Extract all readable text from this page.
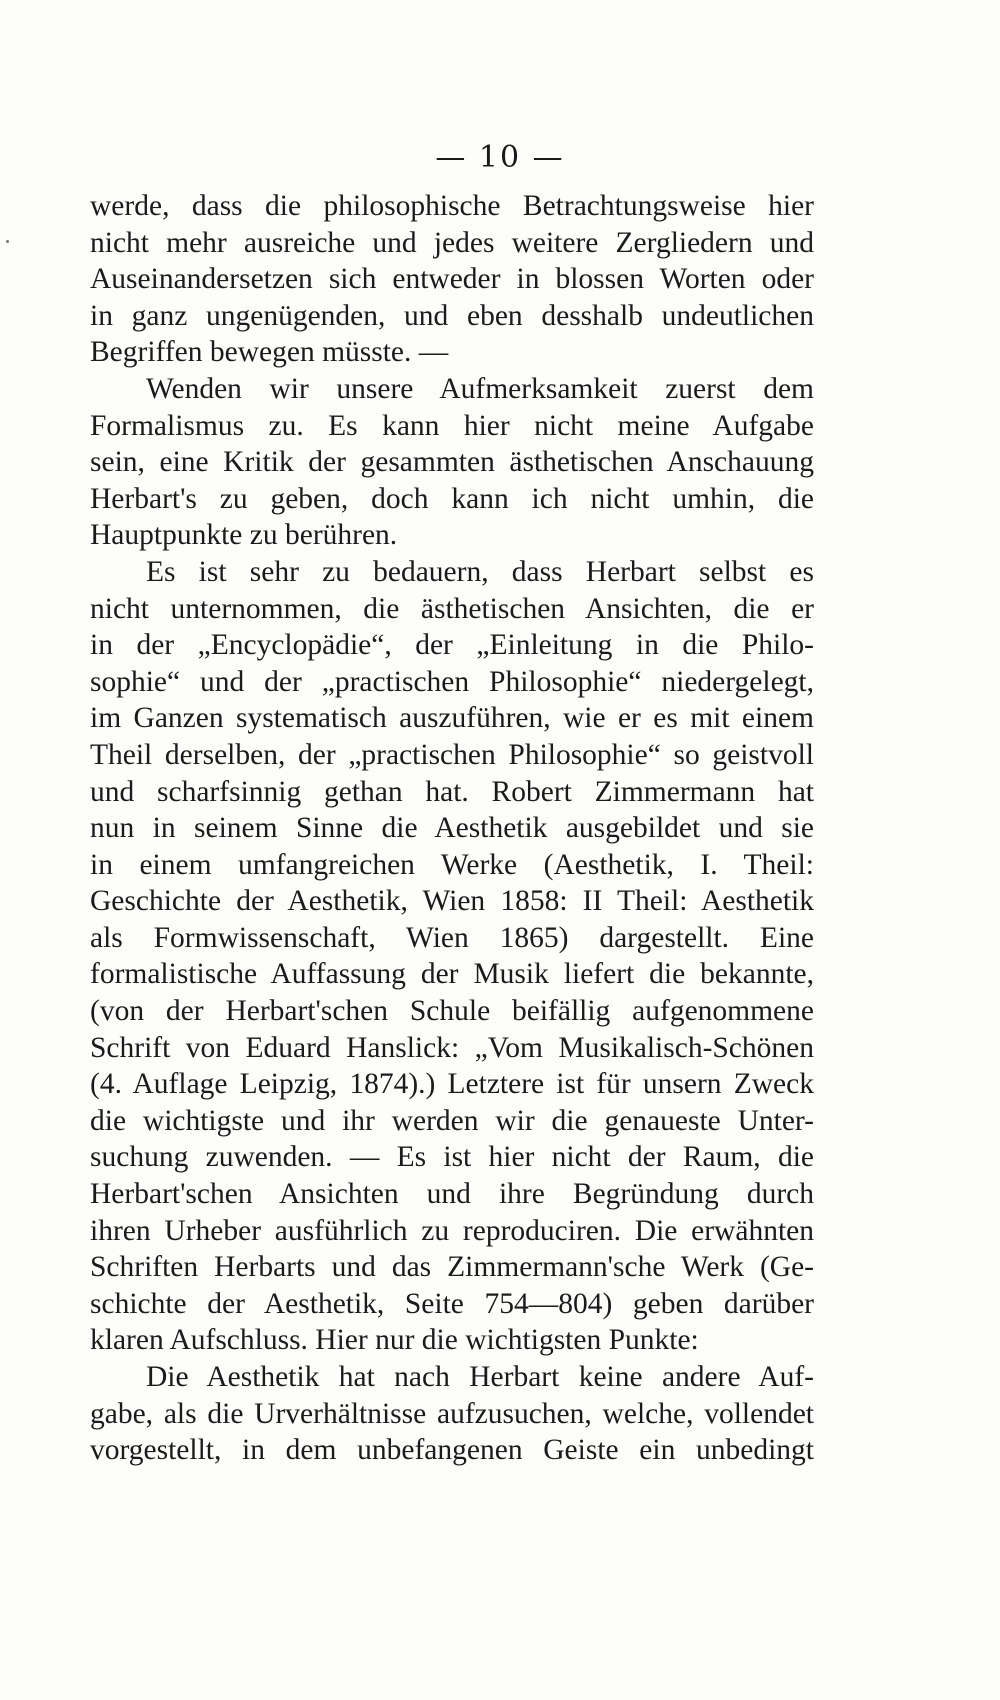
— 10 —
werde, dass die philosophische Betrachtungsweise hier
nicht mehr ausreiche und jedes weitere Zergliedern und
Auseinandersetzen sich entweder in blossen Worten oder
in ganz ungenügenden, und eben desshalb undeutlichen
Begriffen bewegen müsste. —
Wenden wir unsere Aufmerksamkeit zuerst dem
Formalismus zu. Es kann hier nicht meine Aufgabe
sein, eine Kritik der gesammten ästhetischen Anschauung
Herbart's zu geben, doch kann ich nicht umhin, die
Hauptpunkte zu berühren.
Es ist sehr zu bedauern, dass Herbart selbst es
nicht unternommen, die ästhetischen Ansichten, die er
in der „Encyclopädie“, der „Einleitung in die Philo-
sophie“ und der „practischen Philosophie“ niedergelegt,
im Ganzen systematisch auszuführen, wie er es mit einem
Theil derselben, der „practischen Philosophie“ so geistvoll
und scharfsinnig gethan hat. Robert Zimmermann hat
nun in seinem Sinne die Aesthetik ausgebildet und sie
in einem umfangreichen Werke (Aesthetik, I. Theil:
Geschichte der Aesthetik, Wien 1858: II Theil: Aesthetik
als Formwissenschaft, Wien 1865) dargestellt. Eine
formalistische Auffassung der Musik liefert die bekannte,
(von der Herbart'schen Schule beifällig aufgenommene
Schrift von Eduard Hanslick: „Vom Musikalisch-Schönen
(4. Auflage Leipzig, 1874).) Letztere ist für unsern Zweck
die wichtigste und ihr werden wir die genaueste Unter-
suchung zuwenden. — Es ist hier nicht der Raum, die
Herbart'schen Ansichten und ihre Begründung durch
ihren Urheber ausführlich zu reproduciren. Die erwähnten
Schriften Herbarts und das Zimmermann'sche Werk (Ge-
schichte der Aesthetik, Seite 754—804) geben darüber
klaren Aufschluss. Hier nur die wichtigsten Punkte:
Die Aesthetik hat nach Herbart keine andere Auf-
gabe, als die Urverhältnisse aufzusuchen, welche, vollendet
vorgestellt, in dem unbefangenen Geiste ein unbedingt
